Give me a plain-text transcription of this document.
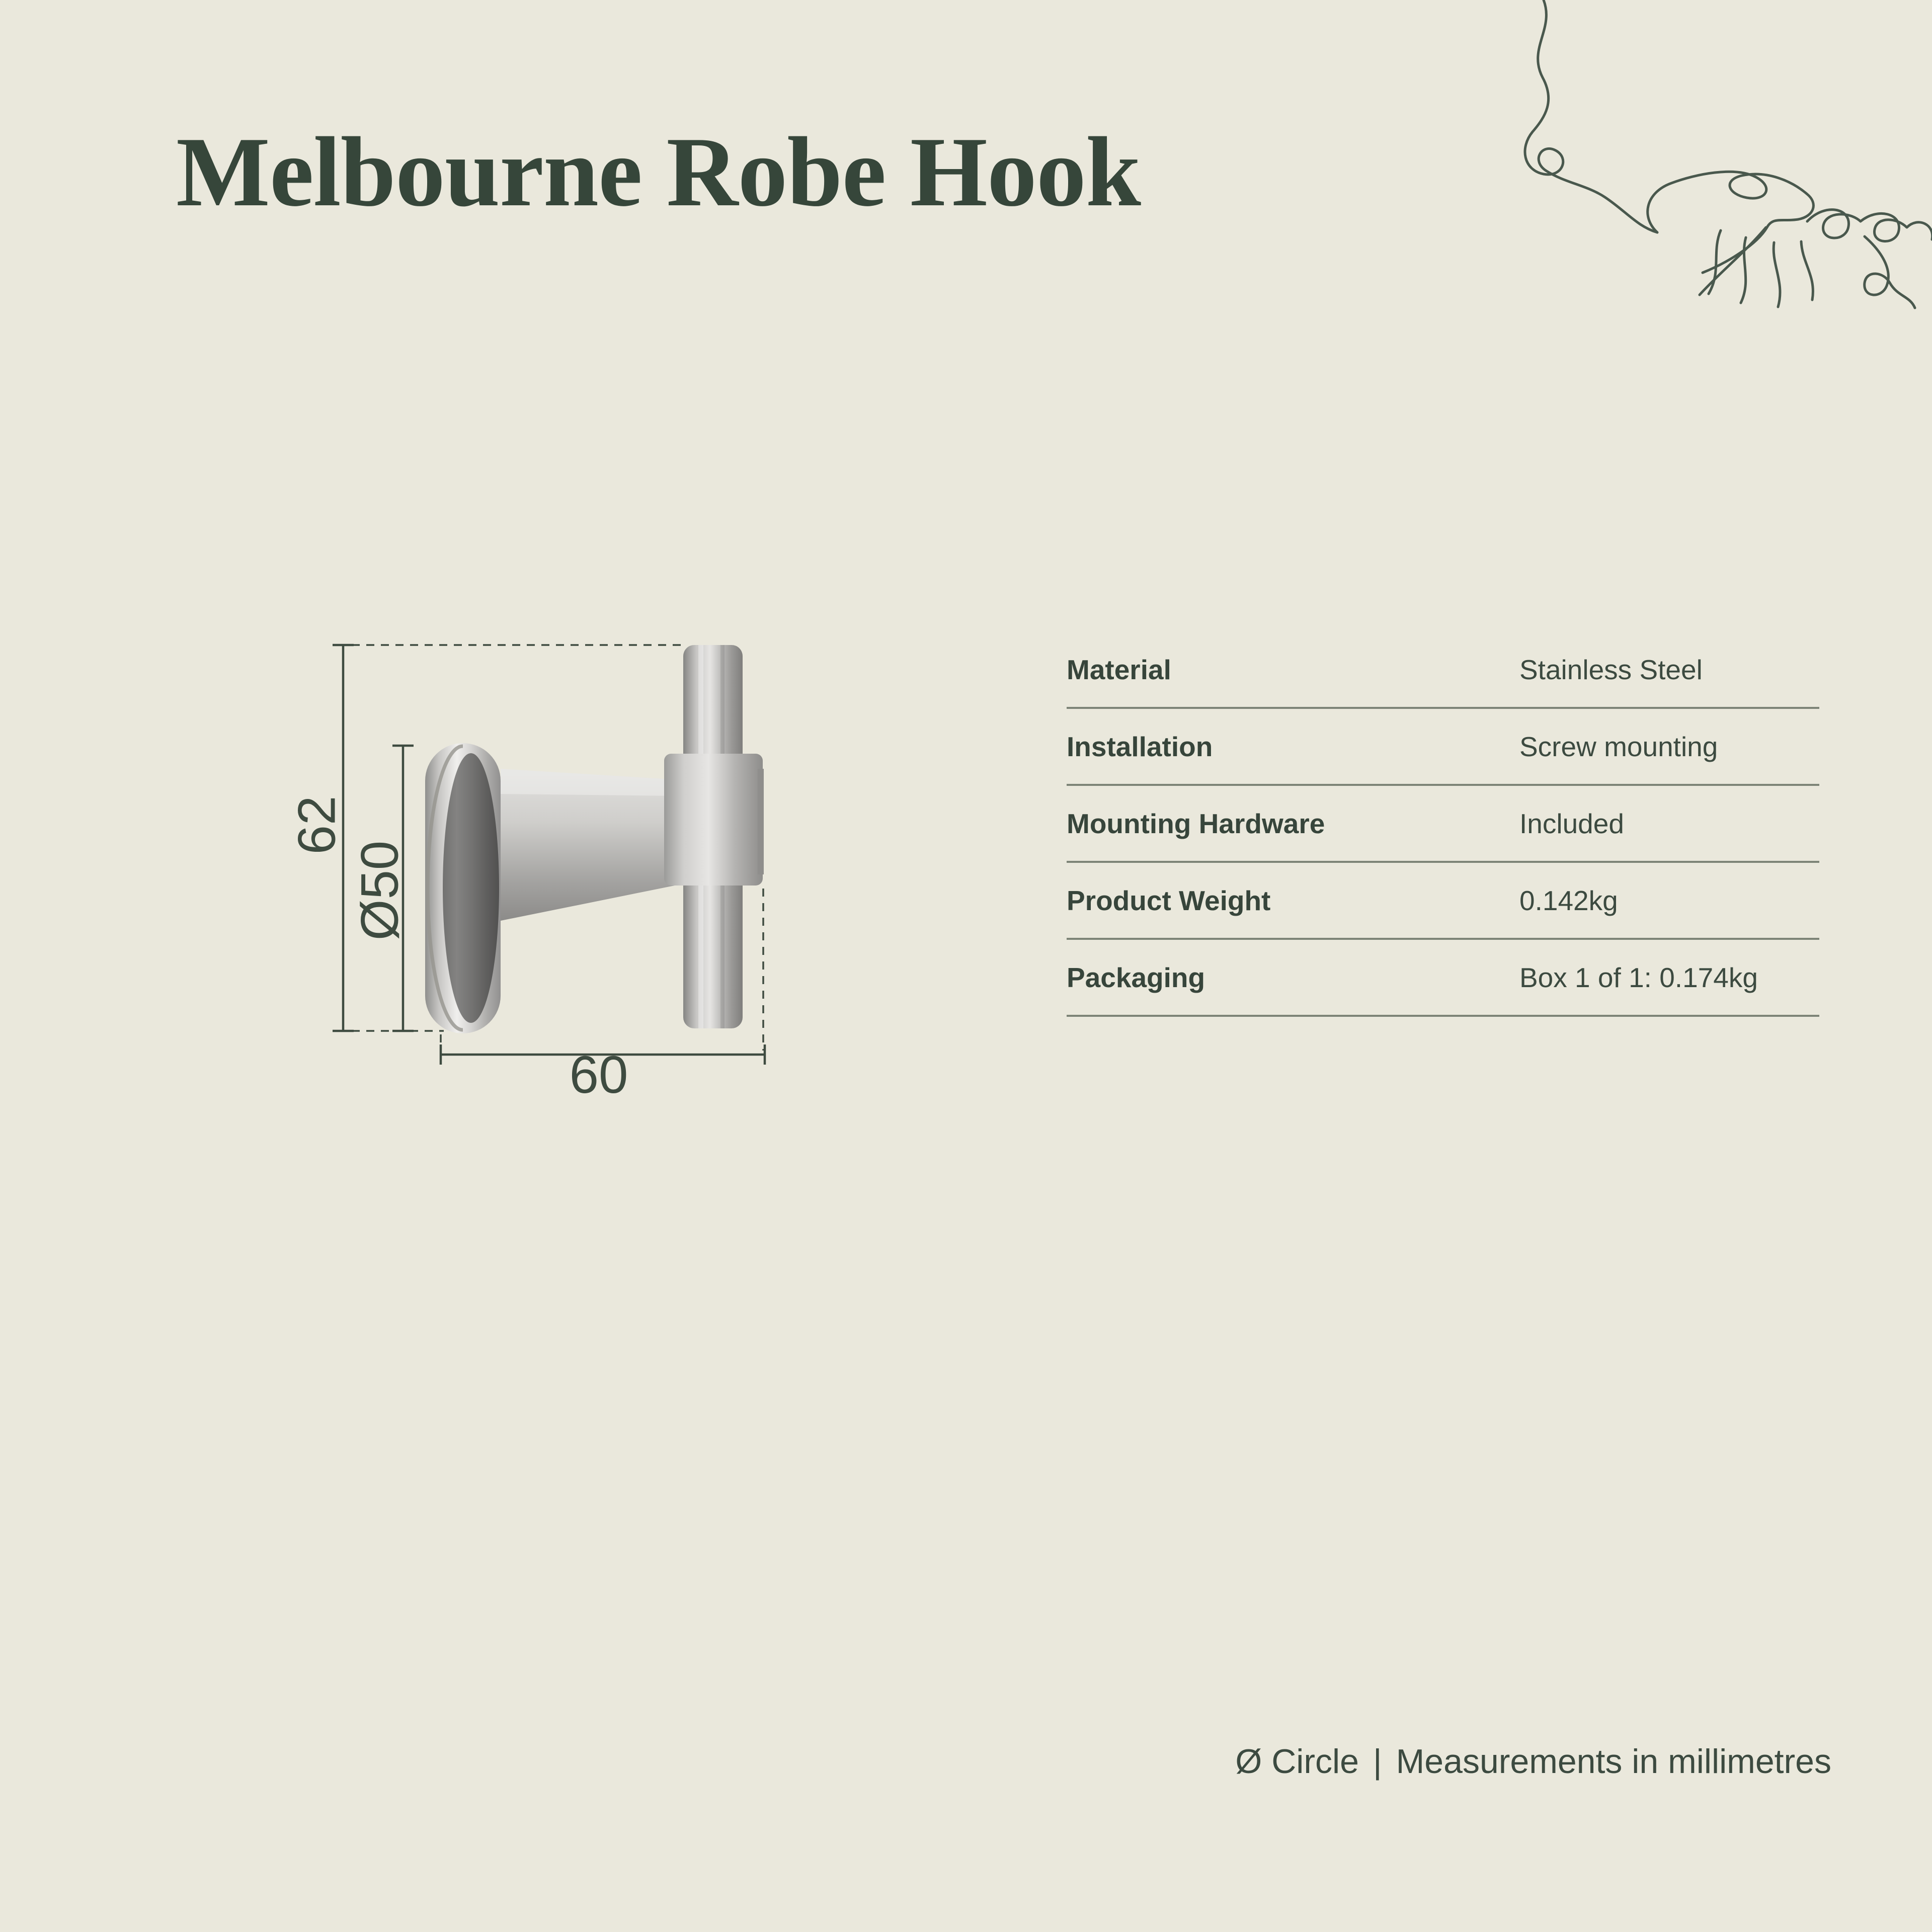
Melbourne Robe Hook
62
Ø50
60
Material	Stainless Steel
Installation	Screw mounting
Mounting Hardware	Included
Product Weight	0.142kg
Packaging	Box 1 of 1: 0.174kg
Ø Circle | Measurements in millimetres
